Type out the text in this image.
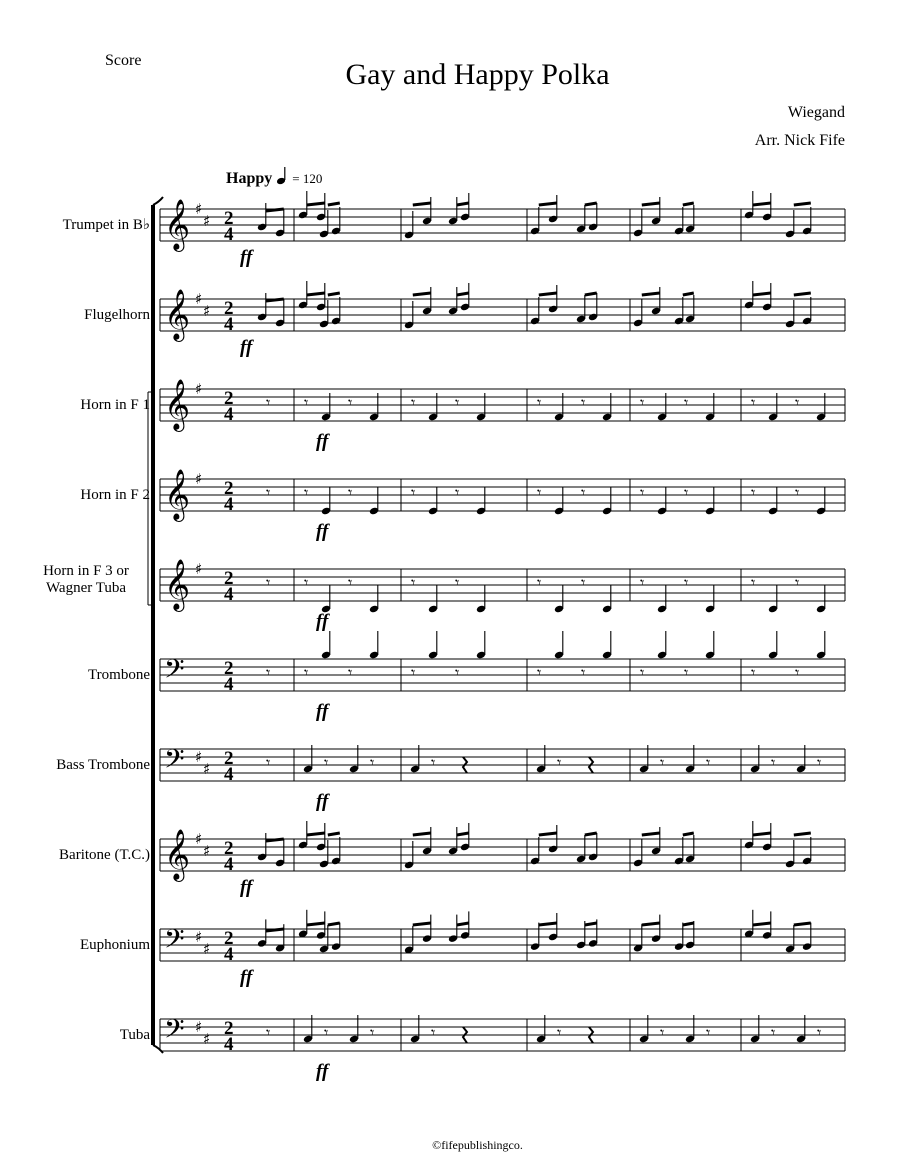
Score	Gay and Happy Polka
Wiegand
Arr. Nick Fife
Happy = 120
𝄞 ♯
♯ 2
4
ff
𝄞 ♯
♯ 2
4
ff
𝄞 ♯ 2
4
𝄾 𝄾 𝄾	𝄾 𝄾	𝄾 𝄾	𝄾 𝄾	𝄾 𝄾
ff
𝄞 ♯ 2
4
𝄾 𝄾 𝄾	𝄾 𝄾	𝄾 𝄾	𝄾 𝄾	𝄾 𝄾
ff
𝄞 ♯ 2
4
𝄾 𝄾 𝄾	𝄾 𝄾	𝄾 𝄾	𝄾 𝄾	𝄾 𝄾
ff
𝄢 2
4
𝄾 𝄾 𝄾	𝄾 𝄾	𝄾 𝄾	𝄾 𝄾	𝄾 𝄾
ff
𝄢 ♯
♯ 2
4
𝄾	𝄾	𝄾	𝄾	𝄾	𝄾	𝄾	𝄾	𝄾
ff
𝄞 ♯
♯ 2
4
ff
𝄢 ♯
♯ 2
4
ff
𝄢 ♯
♯ 2
4
𝄾	𝄾	𝄾	𝄾	𝄾	𝄾	𝄾	𝄾	𝄾
ff
©fifepublishingco.
Trumpet in B♭
Flugelhorn
Horn in F 1
Horn in F 2
Horn in F 3 or Wagner Tuba
Trombone
Bass Trombone
Baritone (T.C.)
Euphonium
Tuba
